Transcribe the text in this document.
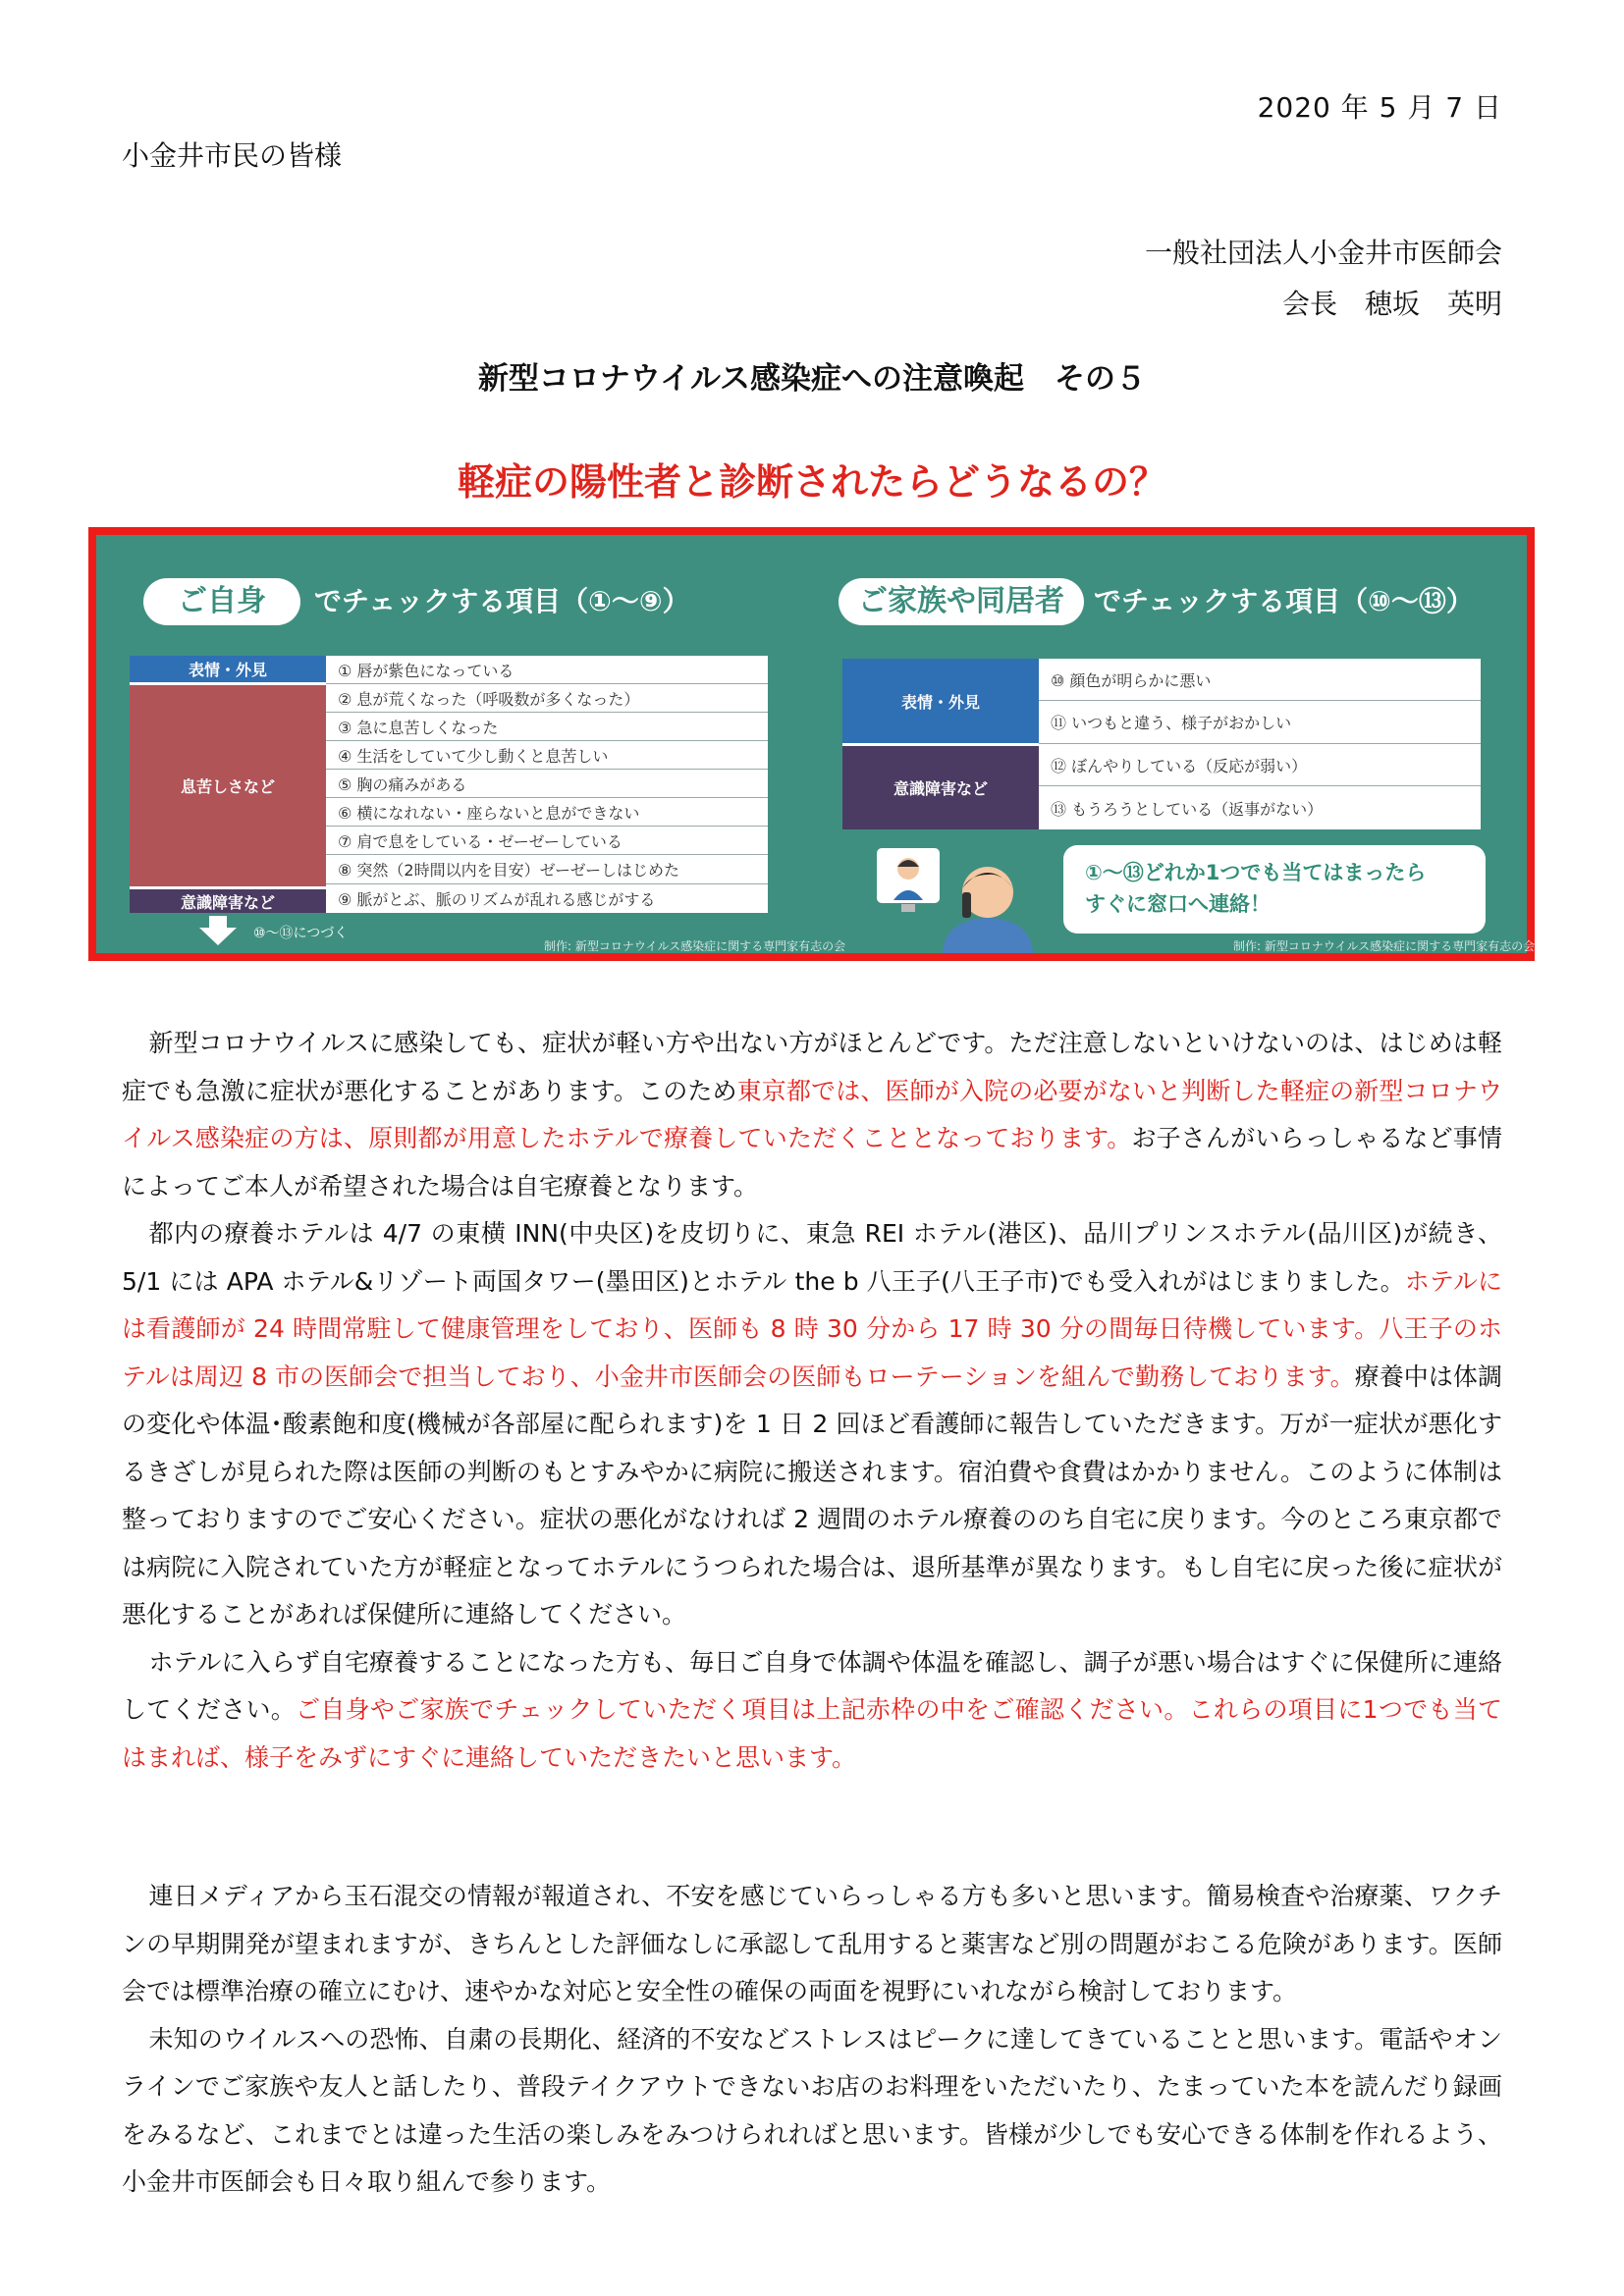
2020 年 5 月 7 日
小金井市民の皆様
一般社団法人小金井市医師会
会長　穂坂　英明
新型コロナウイルス感染症への注意喚起　その５
軽症の陽性者と診断されたらどうなるの？
ご自身	でチェックする項目（①〜⑨）
表情・外見
息苦しさなど
意識障害など
① 唇が紫色になっている
② 息が荒くなった（呼吸数が多くなった）
③ 急に息苦しくなった
④ 生活をしていて少し動くと息苦しい
⑤ 胸の痛みがある
⑥ 横になれない・座らないと息ができない
⑦ 肩で息をしている・ゼーゼーしている
⑧ 突然（2時間以内を目安）ゼーゼーしはじめた
⑨ 脈がとぶ、脈のリズムが乱れる感じがする
⑩〜⑬につづく
制作: 新型コロナウイルス感染症に関する専門家有志の会
ご家族や同居者	でチェックする項目（⑩〜⑬）
表情・外見
意識障害など
⑩ 顔色が明らかに悪い
⑪ いつもと違う、様子がおかしい
⑫ ぼんやりしている（反応が弱い）
⑬ もうろうとしている（返事がない）
①〜⑬どれか1つでも当てはまったら
すぐに窓口へ連絡！
制作: 新型コロナウイルス感染症に関する専門家有志の会

新型コロナウイルスに感染しても、症状が軽い方や出ない方がほとんどです。ただ注意しないといけないのは、はじめは軽症でも急激に症状が悪化することがあります。このため東京都では、医師が入院の必要がないと判断した軽症の新型コロナウイルス感染症の方は、原則都が用意したホテルで療養していただくこととなっております。お子さんがいらっしゃるなど事情によってご本人が希望された場合は自宅療養となります。

都内の療養ホテルは 4/7 の東横 INN(中央区)を皮切りに、東急 REI ホテル(港区)、品川プリンスホテル(品川区)が続き、5/1 には APA ホテル&リゾート両国タワー(墨田区)とホテル the b 八王子(八王子市)でも受入れがはじまりました。ホテルには看護師が 24 時間常駐して健康管理をしており、医師も 8 時 30 分から 17 時 30 分の間毎日待機しています。八王子のホテルは周辺 8 市の医師会で担当しており、小金井市医師会の医師もローテーションを組んで勤務しております。療養中は体調の変化や体温･酸素飽和度(機械が各部屋に配られます)を 1 日 2 回ほど看護師に報告していただきます。万が一症状が悪化するきざしが見られた際は医師の判断のもとすみやかに病院に搬送されます。宿泊費や食費はかかりません。このように体制は整っておりますのでご安心ください。症状の悪化がなければ 2 週間のホテル療養ののち自宅に戻ります。今のところ東京都では病院に入院されていた方が軽症となってホテルにうつられた場合は、退所基準が異なります。もし自宅に戻った後に症状が悪化することがあれば保健所に連絡してください。

ホテルに入らず自宅療養することになった方も、毎日ご自身で体調や体温を確認し、調子が悪い場合はすぐに保健所に連絡してください。ご自身やご家族でチェックしていただく項目は上記赤枠の中をご確認ください。これらの項目に1つでも当てはまれば、様子をみずにすぐに連絡していただきたいと思います。

連日メディアから玉石混交の情報が報道され、不安を感じていらっしゃる方も多いと思います。簡易検査や治療薬、ワクチンの早期開発が望まれますが、きちんとした評価なしに承認して乱用すると薬害など別の問題がおこる危険があります。医師会では標準治療の確立にむけ、速やかな対応と安全性の確保の両面を視野にいれながら検討しております。

未知のウイルスへの恐怖、自粛の長期化、経済的不安などストレスはピークに達してきていることと思います。電話やオンラインでご家族や友人と話したり、普段テイクアウトできないお店のお料理をいただいたり、たまっていた本を読んだり録画をみるなど、これまでとは違った生活の楽しみをみつけられればと思います。皆様が少しでも安心できる体制を作れるよう、小金井市医師会も日々取り組んで参ります。
